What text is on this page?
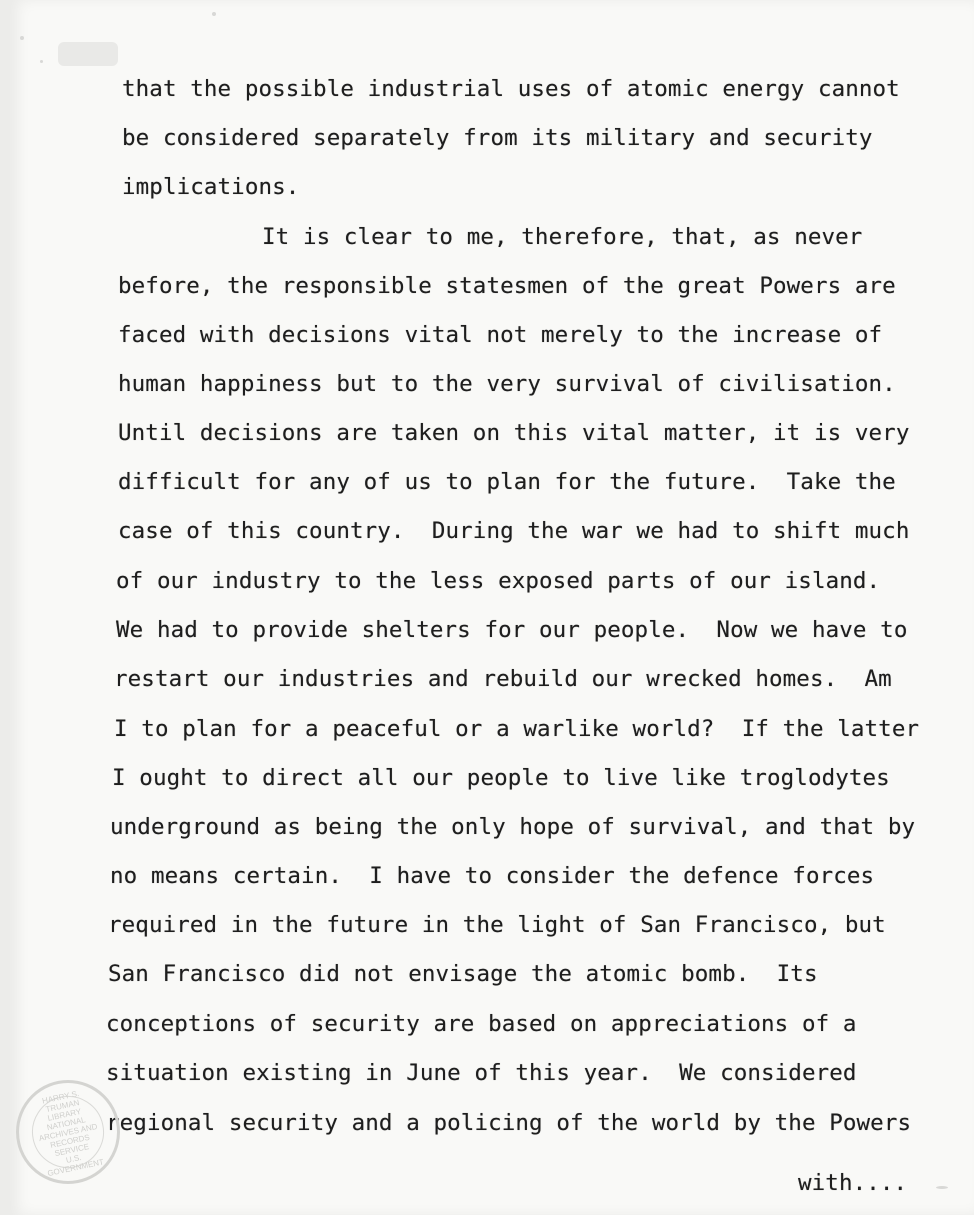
that the possible industrial uses of atomic energy cannot
be considered separately from its military and security
implications.
It is clear to me, therefore, that, as never
before, the responsible statesmen of the great Powers are
faced with decisions vital not merely to the increase of
human happiness but to the very survival of civilisation.
Until decisions are taken on this vital matter, it is very
difficult for any of us to plan for the future.  Take the
case of this country.  During the war we had to shift much
of our industry to the less exposed parts of our island.
We had to provide shelters for our people.  Now we have to
restart our industries and rebuild our wrecked homes.  Am
I to plan for a peaceful or a warlike world?  If the latter
I ought to direct all our people to live like troglodytes
underground as being the only hope of survival, and that by
no means certain.  I have to consider the defence forces
required in the future in the light of San Francisco, but
San Francisco did not envisage the atomic bomb.  Its
conceptions of security are based on appreciations of a
situation existing in June of this year.  We considered
regional security and a policing of the world by the Powers
with....
HARRY S. TRUMAN LIBRARY
NATIONAL
ARCHIVES AND
RECORDS
SERVICE
U.S. GOVERNMENT
